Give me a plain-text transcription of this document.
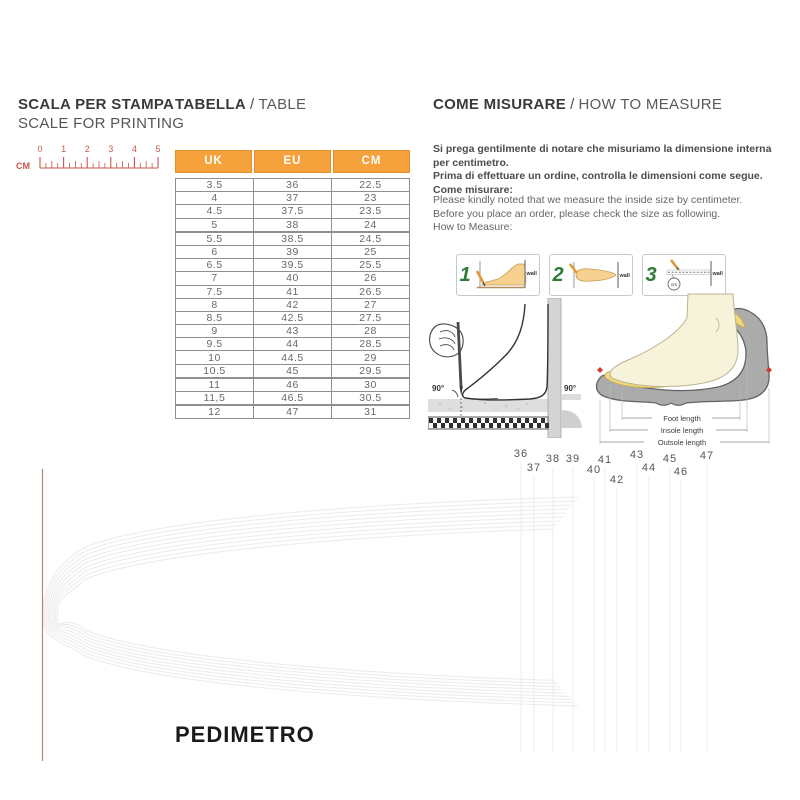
SCALA PER STAMPA
SCALE FOR PRINTING
CM
0 1 2 3 4 5
TABELLA / TABLE
UK	EU	CM
3.5	36	22.5
4	37	23
4.5	37.5	23.5
5	38	24
5.5	38.5	24.5
6	39	25
6.5	39.5	25.5
7	40	26
7.5	41	26.5
8	42	27
8.5	42.5	27.5
9	43	28
9.5	44	28.5
10	44.5	29
10.5	45	29.5
11	46	30
11,5	46.5	30.5
12	47	31
COME MISURARE / HOW TO MEASURE
Si prega gentilmente di notare che misuriamo la dimensione interna per centimetro.
Prima di effettuare un ordine, controlla le dimensioni come segue.
Come misurare:
Please kindly noted that we measure the inside size by centimeter.
Before you place an order, please check the size as following.
How to Measure:
1	wall 2	wall 3	cm
wall
90°	90°
Foot length
Insole length
Outsole length
36
37
38 39
40
41
42
43
44
45
46
47
PEDIMETRO
